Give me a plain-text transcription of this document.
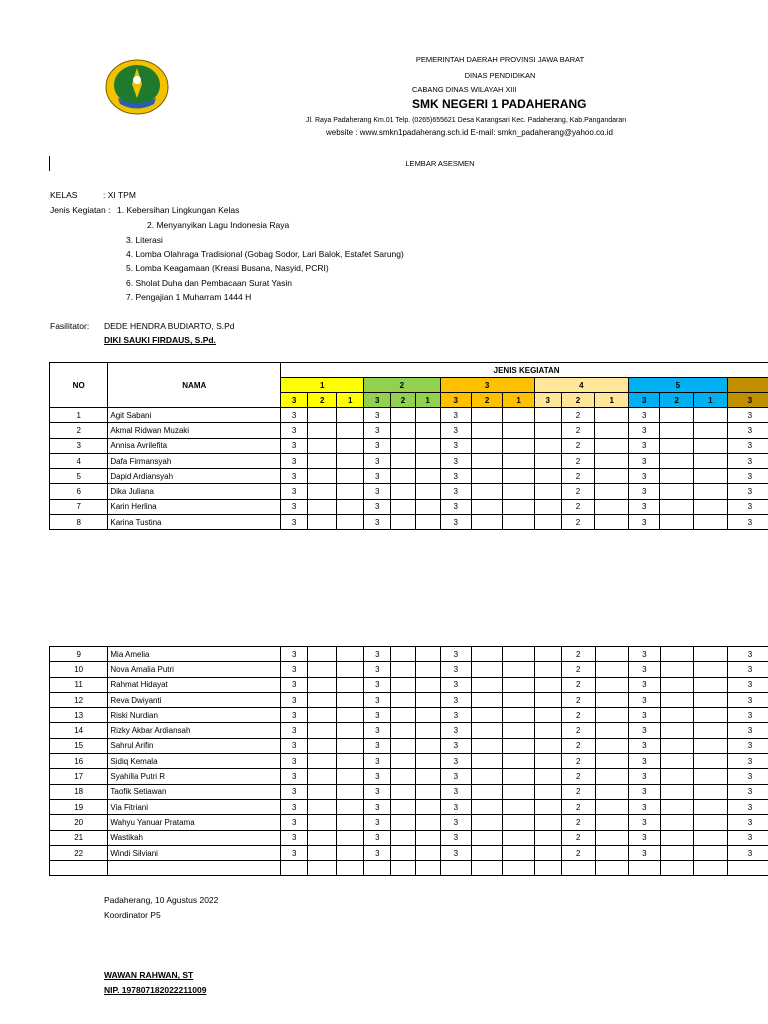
PEMERINTAH DAERAH PROVINSI JAWA BARAT
DINAS PENDIDIKAN
CABANG DINAS WILAYAH XIII
SMK NEGERI 1 PADAHERANG
Jl. Raya Padaherang Km.01 Telp. (0265)655621 Desa Karangsari Kec. Padaherang, Kab.Pangandaran
website : www.smkn1padaherang.sch.id E-mail: smkn_padaherang@yahoo.co.id
LEMBAR ASESMEN
KELAS	: XI TPM
Jenis Kegiatan : 1. Kebersihan Lingkungan Kelas
2. Menyanyikan Lagu Indonesia Raya
3. Literasi
4. Lomba Olahraga Tradisional (Gobag Sodor, Lari Balok, Estafet Sarung)
5. Lomba Keagamaan (Kreasi Busana, Nasyid, PCRI)
6. Sholat Duha dan Pembacaan Surat Yasin
7. Pengajian 1 Muharram 1444 H
Fasilitator: DEDE HENDRA BUDIARTO, S.Pd
DIKI SAUKI FIRDAUS, S.Pd.
NO	NAMA	JENIS KEGIATAN															
		1			2			3			4			5			
		3	2	1	3	2	1	3	2	1	3	2	1	3	2	1	3
1	Agit Sabani	3			3			3				2		3			3
2	Akmal Ridwan Muzaki	3			3			3				2		3			3
3	Annisa Avrilefita	3			3			3				2		3			3
4	Dafa Firmansyah	3			3			3				2		3			3
5	Dapid Ardiansyah	3			3			3				2		3			3
6	Dika Juliana	3			3			3				2		3			3
7	Karin Herlina	3			3			3				2		3			3
8	Karina Tustina	3			3			3				2		3			3
9	Mia Amelia	3			3			3				2		3			3
10	Nova Amalia Putri	3			3			3				2		3			3
11	Rahmat Hidayat	3			3			3				2		3			3
12	Reva Dwiyanti	3			3			3				2		3			3
13	Riski Nurdian	3			3			3				2		3			3
14	Rizky Akbar Ardiansah	3			3			3				2		3			3
15	Sahrul Arifin	3			3			3				2		3			3
16	Sidiq Kemala	3			3			3				2		3			3
17	Syahilla Putri R	3			3			3				2		3			3
18	Taofik Setiawan	3			3			3				2		3			3
19	Via Fitriani	3			3			3				2		3			3
20	Wahyu Yanuar Pratama	3			3			3				2		3			3
21	Wastikah	3			3			3				2		3			3
22	Windi Silviani	3			3			3				2		3			3

Padaherang, 10 Agustus 2022
Koordinator P5
WAWAN RAHWAN, ST
NIP. 197807182022211009
